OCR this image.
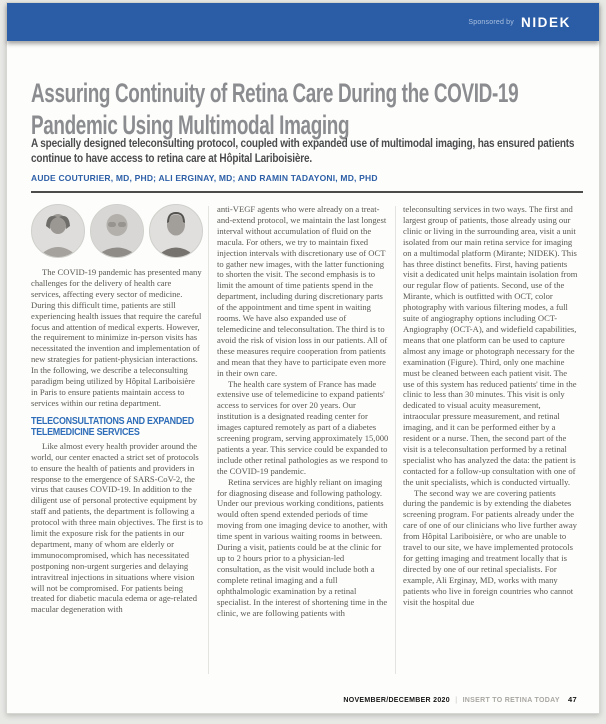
Sponsored by NIDEK
Assuring Continuity of Retina Care During the COVID-19 Pandemic Using Multimodal Imaging
A specially designed teleconsulting protocol, coupled with expanded use of multimodal imaging, has ensured patients continue to have access to retina care at Hôpital Lariboisière.
AUDE COUTURIER, MD, PHD; ALI ERGINAY, MD; AND RAMIN TADAYONI, MD, PHD

The COVID-19 pandemic has presented many challenges for the delivery of health care services, affecting every sector of medicine. During this difficult time, patients are still experiencing health issues that require the careful focus and attention of medical experts. However, the requirement to minimize in-person visits has necessitated the invention and implementation of new strategies for patient-physician interactions. In the following, we describe a teleconsulting paradigm being utilized by Hôpital Lariboisière in Paris to ensure patients maintain access to services within our retina department.

TELECONSULTATIONS AND EXPANDED TELEMEDICINE SERVICES

Like almost every health provider around the world, our center enacted a strict set of protocols to ensure the health of patients and providers in response to the emergence of SARS-CoV-2, the virus that causes COVID-19. In addition to the diligent use of personal protective equipment by staff and patients, the department is following a protocol with three main objectives. The first is to limit the exposure risk for the patients in our department, many of whom are elderly or immunocompromised, which has necessitated postponing non-urgent surgeries and delaying intravitreal injections in situations where vision will not be compromised. For patients being treated for diabetic macula edema or age-related macular degeneration with

anti-VEGF agents who were already on a treat-and-extend protocol, we maintain the last longest interval without accumulation of fluid on the macula. For others, we try to maintain fixed injection intervals with discretionary use of OCT to gather new images, with the latter functioning to shorten the visit. The second emphasis is to limit the amount of time patients spend in the department, including during discretionary parts of the appointment and time spent in waiting rooms. We have also expanded use of telemedicine and teleconsultation. The third is to avoid the risk of vision loss in our patients. All of these measures require cooperation from patients and mean that they have to participate even more in their own care.

The health care system of France has made extensive use of telemedicine to expand patients' access to services for over 20 years. Our institution is a designated reading center for images captured remotely as part of a diabetes screening program, serving approximately 15,000 patients a year. This service could be expanded to include other retinal pathologies as we respond to the COVID-19 pandemic.

Retina services are highly reliant on imaging for diagnosing disease and following pathology. Under our previous working conditions, patients would often spend extended periods of time moving from one imaging device to another, with time spent in various waiting rooms in between. During a visit, patients could be at the clinic for up to 2 hours prior to a physician-led consultation, as the visit would include both a complete retinal imaging and a full ophthalmologic examination by a retinal specialist. In the interest of shortening time in the clinic, we are following patients with

teleconsulting services in two ways. The first and largest group of patients, those already using our clinic or living in the surrounding area, visit a unit isolated from our main retina service for imaging on a multimodal platform (Mirante; NIDEK). This has three distinct benefits. First, having patients visit a dedicated unit helps maintain isolation from our regular flow of patients. Second, use of the Mirante, which is outfitted with OCT, color photography with various filtering modes, a full suite of angiography options including OCT-Angiography (OCT-A), and widefield capabilities, means that one platform can be used to capture almost any image or photograph necessary for the examination (Figure). Third, only one machine must be cleaned between each patient visit. The use of this system has reduced patients' time in the clinic to less than 30 minutes. This visit is only dedicated to visual acuity measurement, intraocular pressure measurement, and retinal imaging, and it can be performed either by a resident or a nurse. Then, the second part of the visit is a teleconsultation performed by a retinal specialist who has analyzed the data: the patient is contacted for a follow-up consultation with one of the unit specialists, which is conducted virtually.

The second way we are covering patients during the pandemic is by extending the diabetes screening program. For patients already under the care of one of our clinicians who live further away from Hôpital Lariboisière, or who are unable to travel to our site, we have implemented protocols for getting imaging and treatment locally that is directed by one of our retinal specialists. For example, Ali Erginay, MD, works with many patients who live in foreign countries who cannot visit the hospital due

NOVEMBER/DECEMBER 2020 | INSERT TO RETINA TODAY 47
